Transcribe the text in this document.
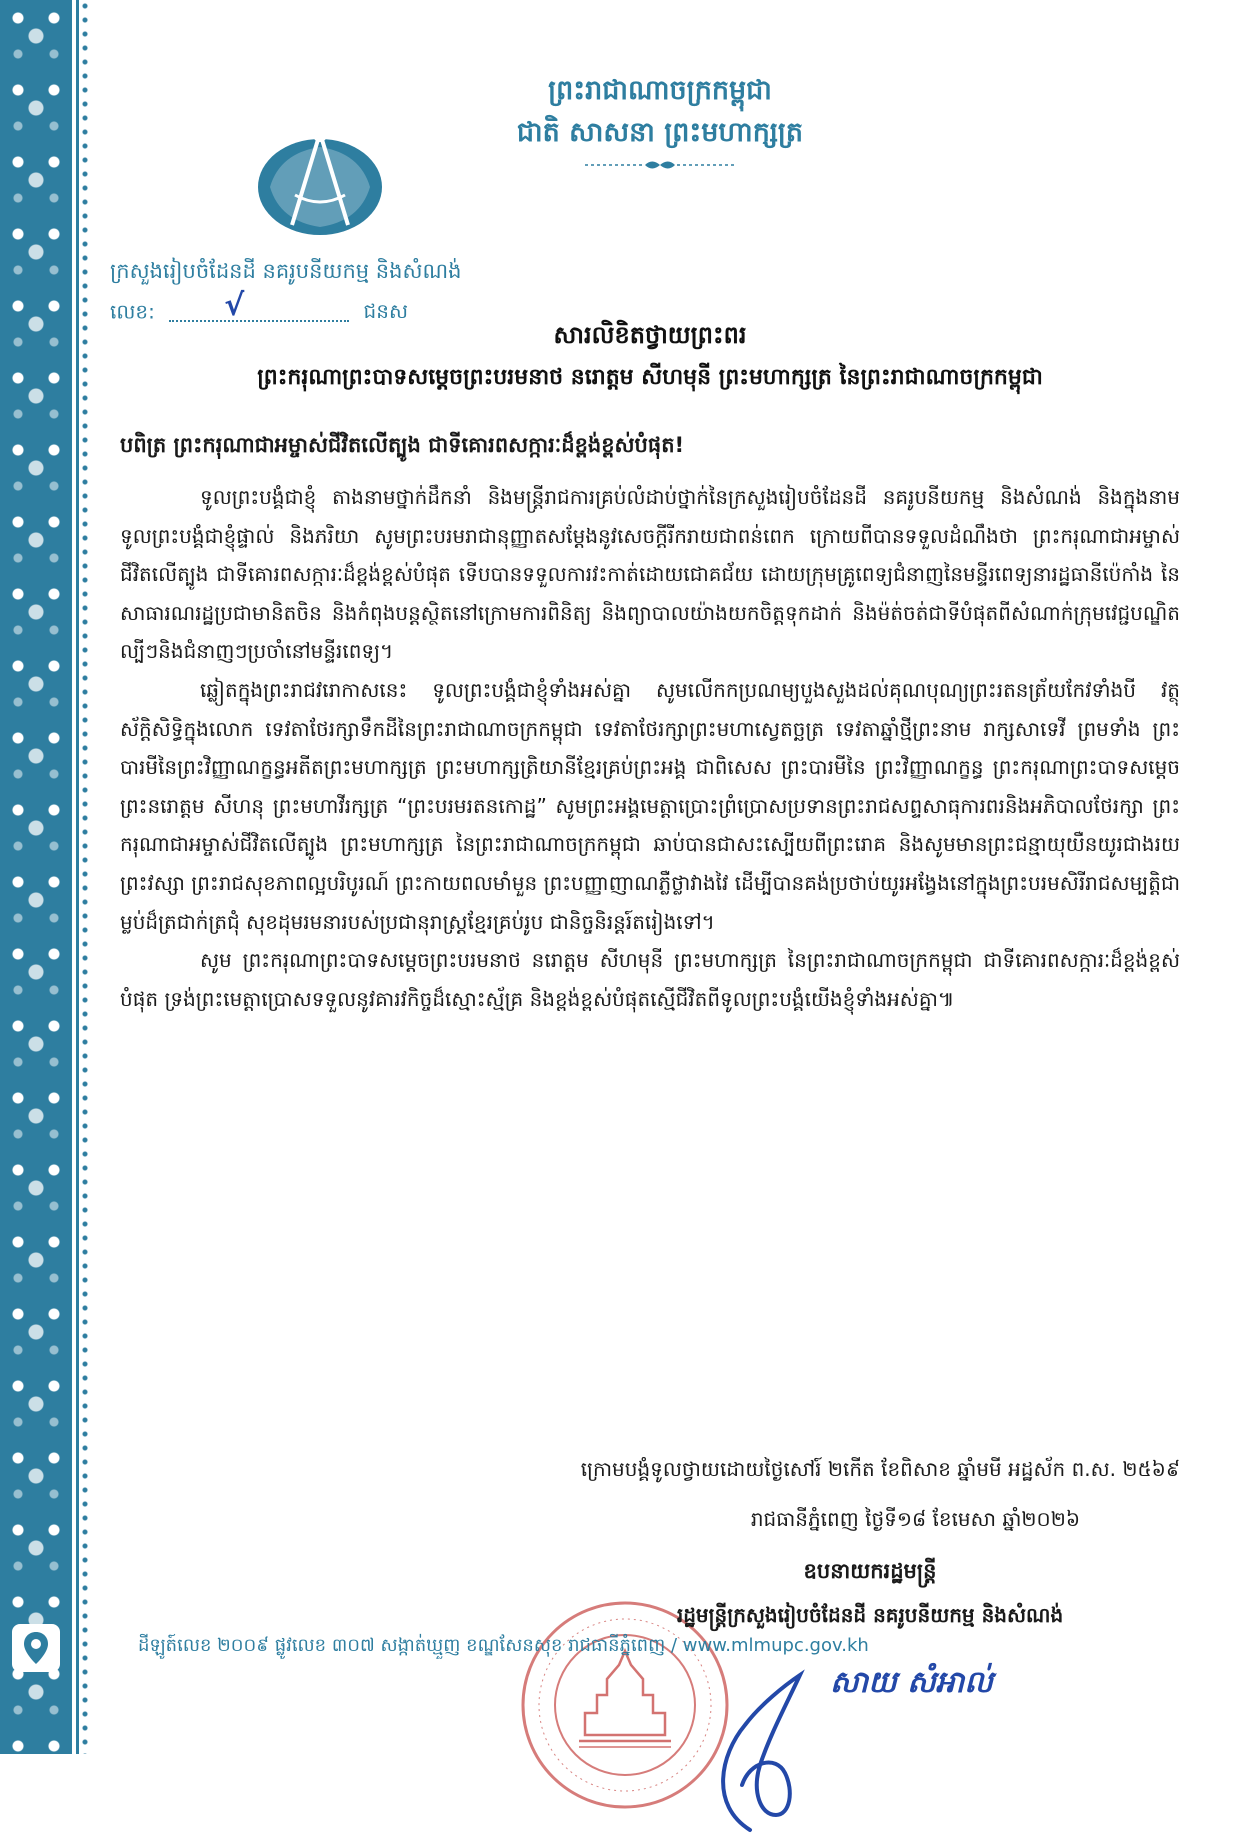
ព្រះរាជាណាចក្រកម្ពុជា
ជាតិ សាសនា ព្រះមហាក្សត្រ
ក្រសួងរៀបចំដែនដី នគរូបនីយកម្ម និងសំណង់
លេខ: √	ជនស
សារលិខិតថ្វាយព្រះពរ
ព្រះករុណាព្រះបាទសម្តេចព្រះបរមនាថ នរោត្តម សីហមុនី ព្រះមហាក្សត្រ នៃព្រះរាជាណាចក្រកម្ពុជា
បពិត្រ ព្រះករុណាជាអម្ចាស់ជីវិតលើត្បូង ជាទីគោរពសក្ការៈដ៏ខ្ពង់ខ្ពស់បំផុត!

ទូលព្រះបង្គំជាខ្ញុំ តាងនាមថ្នាក់ដឹកនាំ និងមន្ត្រីរាជការគ្រប់លំដាប់ថ្នាក់នៃក្រសួងរៀបចំដែនដី នគរូបនីយកម្ម និងសំណង់ និងក្នុងនាមទូលព្រះបង្គំជាខ្ញុំផ្ទាល់ និងភរិយា សូមព្រះបរមរាជានុញ្ញាតសម្តែងនូវសេចក្តីរីករាយជាពន់ពេក ក្រោយពីបានទទួលដំណឹងថា ព្រះករុណាជាអម្ចាស់ជីវិតលើត្បូង ជាទីគោរពសក្ការៈដ៏ខ្ពង់ខ្ពស់បំផុត ទើបបានទទួលការវះកាត់ដោយជោគជ័យ ដោយក្រុមគ្រូពេទ្យជំនាញនៃមន្ទីរពេទ្យនារដ្ឋធានីប៉េកាំង នៃសាធារណរដ្ឋប្រជាមានិតចិន និងកំពុងបន្តស្ថិតនៅក្រោមការពិនិត្យ និងព្យាបាលយ៉ាងយកចិត្តទុកដាក់ និងម៉ត់ចត់ជាទីបំផុតពីសំណាក់ក្រុមវេជ្ជបណ្ឌិតល្បីៗនិងជំនាញៗប្រចាំនៅមន្ទីរពេទ្យ។

ឆ្លៀតក្នុងព្រះរាជវរោកាសនេះ ទូលព្រះបង្គំជាខ្ញុំទាំងអស់គ្នា សូមលើកកប្រណម្យបួងសួងដល់គុណបុណ្យព្រះរតនត្រ័យកែវទាំងបី វត្ថុស័ក្តិសិទ្ធិក្នុងលោក ទេវតាថែរក្សាទឹកដីនៃព្រះរាជាណាចក្រកម្ពុជា ទេវតាថែរក្សាព្រះមហាស្វេតច្ឆត្រ ទេវតាឆ្នាំថ្មីព្រះនាម រាក្សសាទេវី ព្រមទាំង ព្រះបារមីនៃព្រះវិញ្ញាណក្ខន្ធអតីតព្រះមហាក្សត្រ ព្រះមហាក្សត្រិយានីខ្មែរគ្រប់ព្រះអង្គ ជាពិសេស ព្រះបារមីនៃ ព្រះវិញ្ញាណក្ខន្ធ ព្រះករុណាព្រះបាទសម្តេចព្រះនរោត្តម សីហនុ ព្រះមហាវីរក្សត្រ “ព្រះបរមរតនកោដ្ឋ” សូមព្រះអង្គមេត្តាប្រោះព្រំប្រោសប្រទានព្រះរាជសព្ទសាធុការពរនិងអភិបាលថែរក្សា ព្រះករុណាជាអម្ចាស់ជីវិតលើត្បូង ព្រះមហាក្សត្រ នៃព្រះរាជាណាចក្រកម្ពុជា ឆាប់បានជាសះស្បើយពីព្រះរោគ និងសូមមានព្រះជន្មាយុយឺនយូរជាងរយព្រះវស្សា ព្រះរាជសុខភាពល្អបរិបូរណ៍ ព្រះកាយពលមាំមួន ព្រះបញ្ញាញាណភ្លឺថ្លាវាងវៃ ដើម្បីបានគង់ប្រថាប់យូរអង្វែងនៅក្នុងព្រះបរមសិរីរាជសម្បត្តិជាម្លប់ដ៏ត្រជាក់ត្រជុំ សុខដុមរមនារបស់ប្រជានុរាស្ត្រខ្មែរគ្រប់រូប ជានិច្ចនិរន្តរ៍តរៀងទៅ។

សូម ព្រះករុណាព្រះបាទសម្តេចព្រះបរមនាថ នរោត្តម សីហមុនី ព្រះមហាក្សត្រ នៃព្រះរាជាណាចក្រកម្ពុជា ជាទីគោរពសក្ការៈដ៏ខ្ពង់ខ្ពស់បំផុត ទ្រង់ព្រះមេត្តាប្រោសទទួលនូវគារវកិច្ចដ៏ស្មោះស្ម័គ្រ និងខ្ពង់ខ្ពស់បំផុតស្មើជីវិតពីទូលព្រះបង្គំយើងខ្ញុំទាំងអស់គ្នា៕

ក្រោមបង្គំទូលថ្វាយដោយថ្ងៃសៅរ៍ ២កើត ខែពិសាខ ឆ្នាំមមី អដ្ឋស័ក ព.ស. ២៥៦៩
រាជធានីភ្នំពេញ ថ្ងៃទី១៨ ខែមេសា ឆ្នាំ២០២៦
ឧបនាយករដ្ឋមន្ត្រី
រដ្ឋមន្ត្រីក្រសួងរៀបចំដែនដី នគរូបនីយកម្ម និងសំណង់
សាយ សំអាល់
ដីឡូត៍លេខ ២០០៩ ផ្លូវលេខ ៣០៧ សង្កាត់ឃ្មួញ ខណ្ឌសែនសុខ រាជធានីភ្នំពេញ / www.mlmupc.gov.kh
